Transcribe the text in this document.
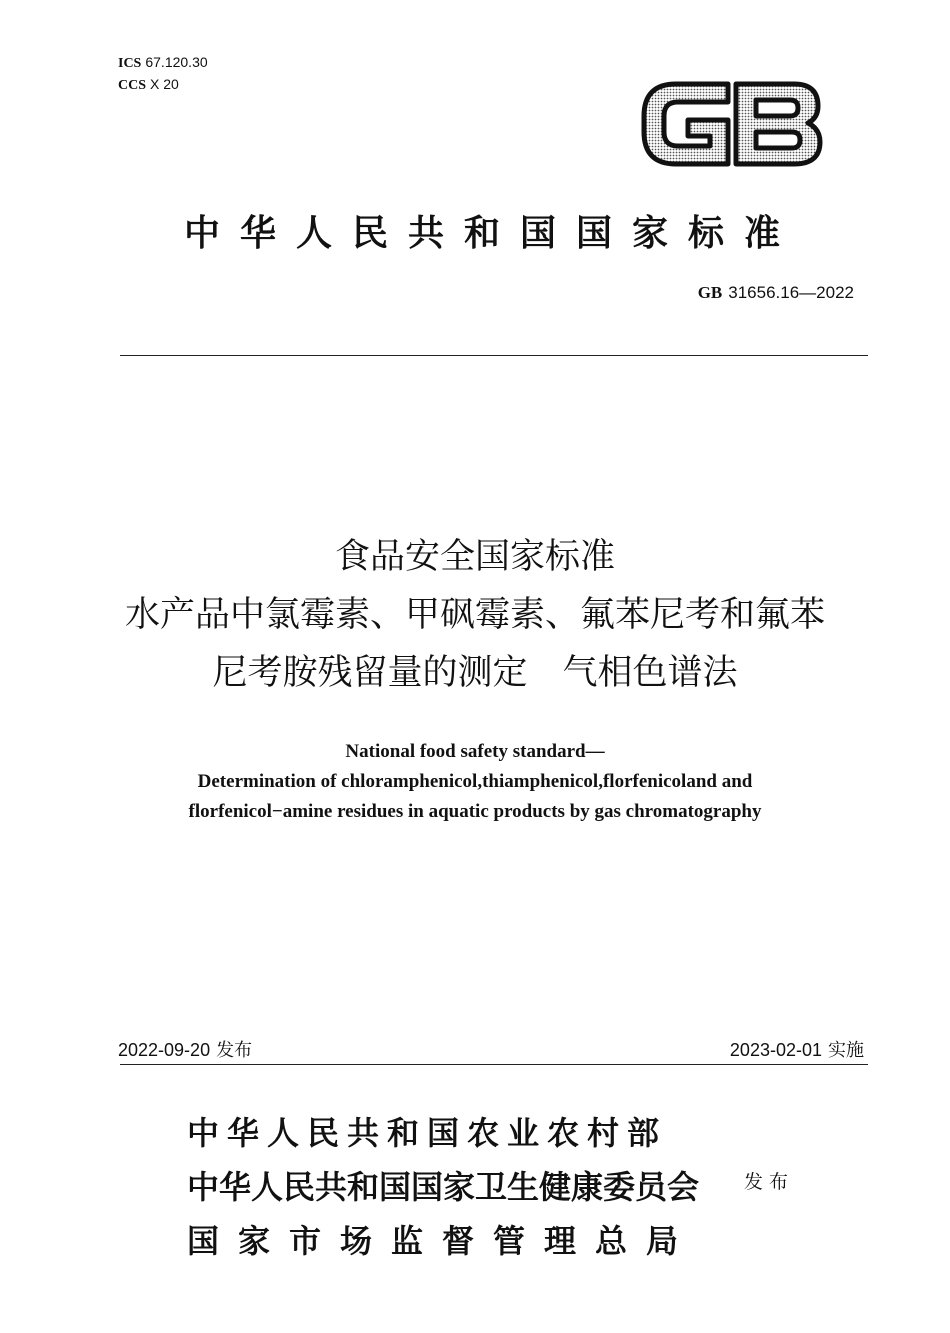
ICS 67.120.30
CCS X 20
中华人民共和国国家标准
GB 31656.16—2022
食品安全国家标准
水产品中氯霉素、甲砜霉素、氟苯尼考和氟苯
尼考胺残留量的测定　气相色谱法
National food safety standard—
Determination of chloramphenicol,thiamphenicol,florfenicoland and
florfenicol−amine residues in aquatic products by gas chromatography
2022-09-20 发布	2023-02-01 实施
中华人民共和国农业农村部
中华人民共和国国家卫生健康委员会
国家市场监督管理总局
发布
